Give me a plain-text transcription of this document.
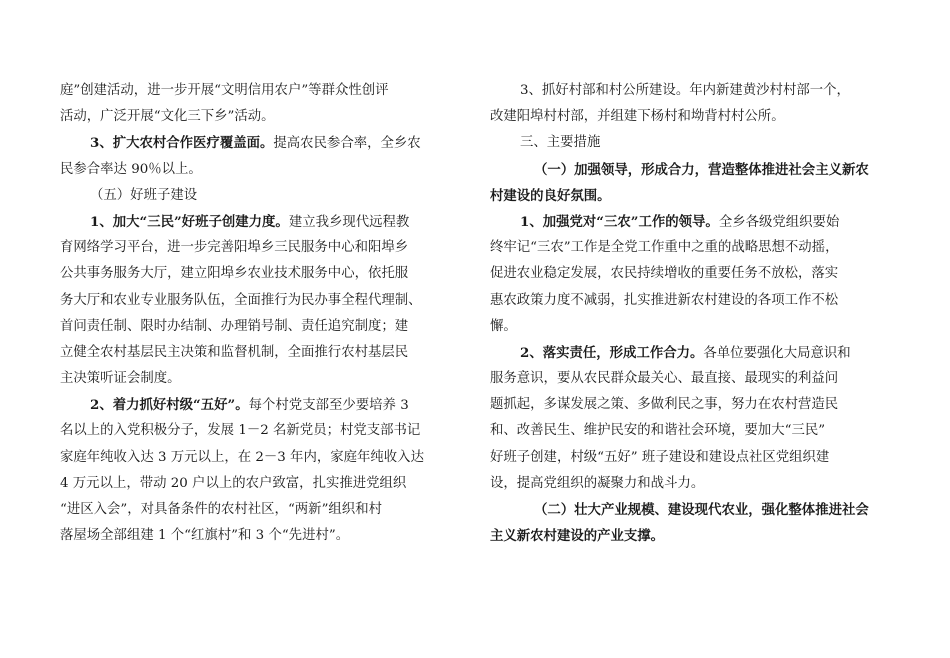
庭”创建活动，进一步开展“文明信用农户”等群众性创评
活动，广泛开展“文化三下乡”活动。
3、扩大农村合作医疗覆盖面。提高农民参合率，全乡农
民参合率达 90％以上。
（五）好班子建设
1、加大“三民”好班子创建力度。建立我乡现代远程教
育网络学习平台，进一步完善阳埠乡三民服务中心和阳埠乡
公共事务服务大厅，建立阳埠乡农业技术服务中心，依托服
务大厅和农业专业服务队伍，全面推行为民办事全程代理制、
首问责任制、限时办结制、办理销号制、责任追究制度；建
立健全农村基层民主决策和监督机制，全面推行农村基层民
主决策听证会制度。
2、着力抓好村级“五好”。每个村党支部至少要培养 3
名以上的入党积极分子，发展 1－2 名新党员；村党支部书记
家庭年纯收入达 3 万元以上，在 2－3 年内，家庭年纯收入达
4 万元以上，带动 20 户以上的农户致富，扎实推进党组织
“进区入会”，对具备条件的农村社区，“两新”组织和村
落屋场全部组建 1 个“红旗村”和 3 个“先进村”。
3、抓好村部和村公所建设。年内新建黄沙村村部一个，
改建阳埠村村部，并组建下杨村和坳背村村公所。
三、主要措施
（一）加强领导，形成合力，营造整体推进社会主义新农
村建设的良好氛围。
1、加强党对“三农”工作的领导。全乡各级党组织要始
终牢记“三农”工作是全党工作重中之重的战略思想不动摇，
促进农业稳定发展，农民持续增收的重要任务不放松，落实
惠农政策力度不减弱，扎实推进新农村建设的各项工作不松
懈。
2、落实责任，形成工作合力。各单位要强化大局意识和
服务意识，要从农民群众最关心、最直接、最现实的利益问
题抓起，多谋发展之策、多做利民之事，努力在农村营造民
和、改善民生、维护民安的和谐社会环境，要加大“三民”
好班子创建，村级“五好” 班子建设和建设点社区党组织建
设，提高党组织的凝聚力和战斗力。
（二）壮大产业规模、建设现代农业，强化整体推进社会
主义新农村建设的产业支撑。
